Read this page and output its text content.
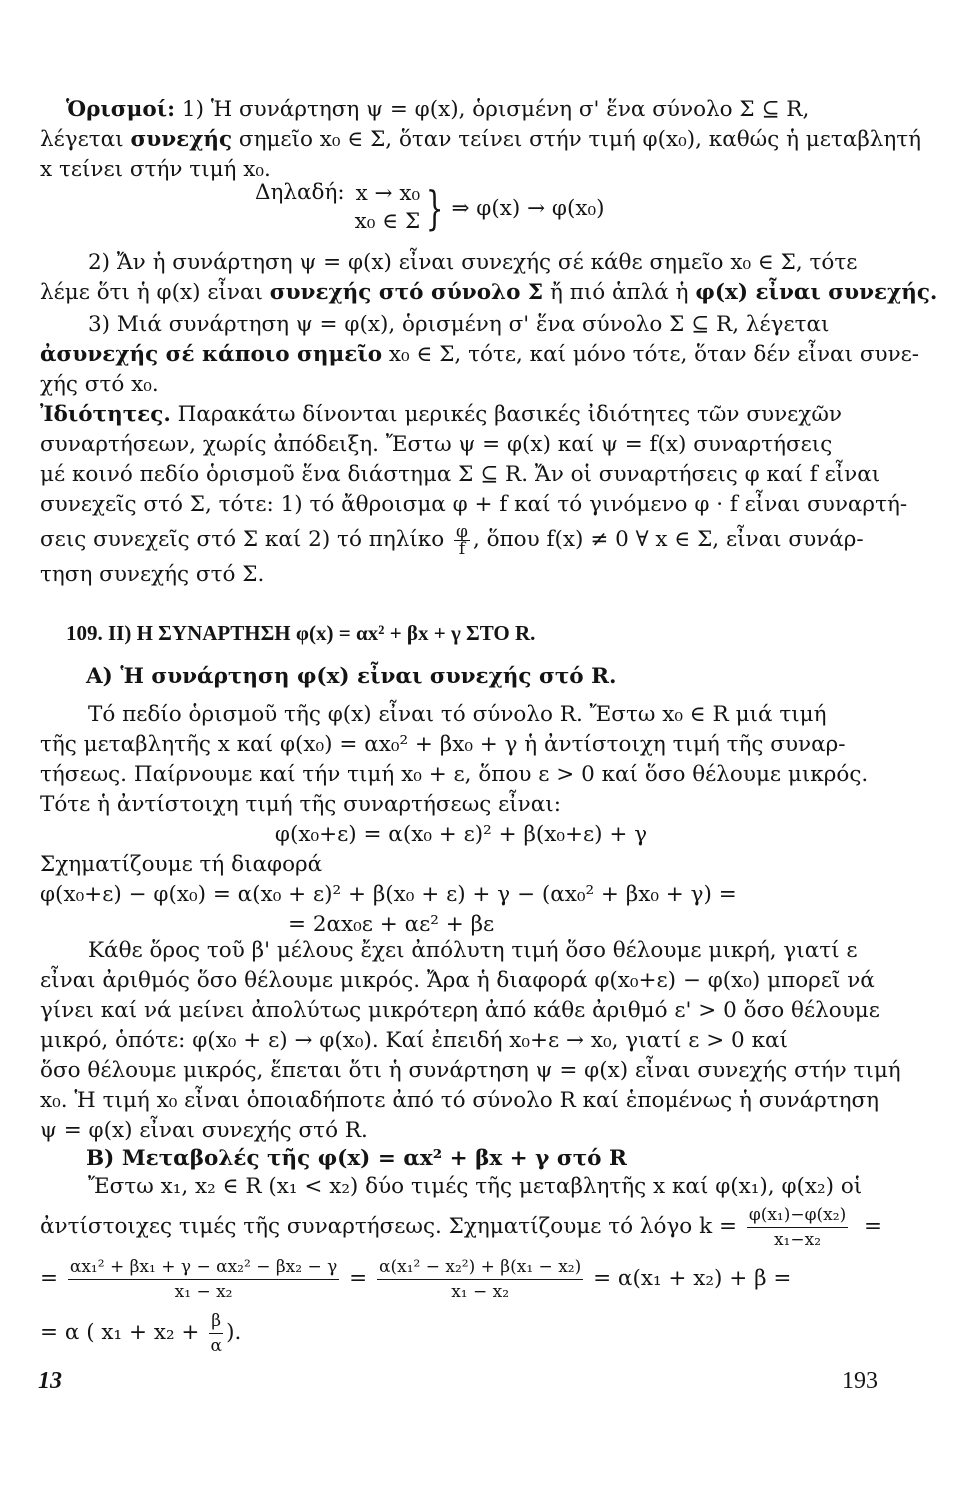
Ὁρισμοί: 1) Ἡ συνάρτηση ψ = φ(x), ὁρισμένη σ' ἕνα σύνολο Σ ⊆ R,
λέγεται συνεχής σημεῖο x₀ ∈ Σ, ὅταν τείνει στήν τιμή φ(x₀), καθώς ἡ μεταβλητή
x τείνει στήν τιμή x₀.
Δηλαδή: x → x₀
x₀ ∈ Σ } ⇒ φ(x) → φ(x₀)
2) Ἄν ἡ συνάρτηση ψ = φ(x) εἶναι συνεχής σέ κάθε σημεῖο x₀ ∈ Σ, τότε
λέμε ὅτι ἡ φ(x) εἶναι συνεχής στό σύνολο Σ ἤ πιό ἁπλά ἡ φ(x) εἶναι συνεχής.
3) Μιά συνάρτηση ψ = φ(x), ὁρισμένη σ' ἕνα σύνολο Σ ⊆ R, λέγεται
ἀσυνεχής σέ κάποιο σημεῖο x₀ ∈ Σ, τότε, καί μόνο τότε, ὅταν δέν εἶναι συνε-
χής στό x₀.
Ἰδιότητες. Παρακάτω δίνονται μερικές βασικές ἰδιότητες τῶν συνεχῶν
συναρτήσεων, χωρίς ἀπόδειξη. Ἔστω ψ = φ(x) καί ψ = f(x) συναρτήσεις
μέ κοινό πεδίο ὁρισμοῦ ἕνα διάστημα Σ ⊆ R. Ἄν οἱ συναρτήσεις φ καί f εἶναι
συνεχεῖς στό Σ, τότε: 1) τό ἄθροισμα φ + f καί τό γινόμενο φ · f εἶναι συναρτή-
σεις συνεχεῖς στό Σ καί 2) τό πηλίκο $\frac{\varphi}{f}$ , ὅπου f(x) ≠ 0 ∀ x ∈ Σ, εἶναι συνάρ-
τηση συνεχής στό Σ.
109. II) Η ΣΥΝΑΡΤΗΣΗ φ(x) = αx² + βx + γ ΣΤΟ R.
Α) Ἡ συνάρτηση φ(x) εἶναι συνεχής στό R.
Τό πεδίο ὁρισμοῦ τῆς φ(x) εἶναι τό σύνολο R. Ἔστω x₀ ∈ R μιά τιμή
τῆς μεταβλητῆς x καί φ(x₀) = αx₀² + βx₀ + γ ἡ ἀντίστοιχη τιμή τῆς συναρ-
τήσεως. Παίρνουμε καί τήν τιμή x₀ + ε, ὅπου ε > 0 καί ὅσο θέλουμε μικρός.
Τότε ἡ ἀντίστοιχη τιμή τῆς συναρτήσεως εἶναι:
φ(x₀+ε) = α(x₀ + ε)² + β(x₀+ε) + γ
Σχηματίζουμε τή διαφορά
φ(x₀+ε) − φ(x₀) = α(x₀ + ε)² + β(x₀ + ε) + γ − (αx₀² + βx₀ + γ) =
= 2αx₀ε + αε² + βε
Κάθε ὅρος τοῦ β' μέλους ἔχει ἀπόλυτη τιμή ὅσο θέλουμε μικρή, γιατί ε
εἶναι ἀριθμός ὅσο θέλουμε μικρός. Ἄρα ἡ διαφορά φ(x₀+ε) − φ(x₀) μπορεῖ νά
γίνει καί νά μείνει ἀπολύτως μικρότερη ἀπό κάθε ἀριθμό ε' > 0 ὅσο θέλουμε
μικρό, ὁπότε: φ(x₀ + ε) → φ(x₀). Καί ἐπειδή x₀+ε → x₀, γιατί ε > 0 καί
ὅσο θέλουμε μικρός, ἕπεται ὅτι ἡ συνάρτηση ψ = φ(x) εἶναι συνεχής στήν τιμή
x₀. Ἡ τιμή x₀ εἶναι ὁποιαδήποτε ἀπό τό σύνολο R καί ἑπομένως ἡ συνάρτηση
ψ = φ(x) εἶναι συνεχής στό R.
Β) Μεταβολές τῆς φ(x) = αx² + βx + γ στό R
Ἔστω x₁, x₂ ∈ R (x₁ < x₂) δύο τιμές τῆς μεταβλητῆς x καί φ(x₁), φ(x₂) οἱ
ἀντίστοιχες τιμές τῆς συναρτήσεως. Σχηματίζουμε τό λόγο $k = \frac{\text{φ(x₁)−φ(x₂)}}{\text{x₁−x₂}}$ =
= $\frac{\text{αx₁² + βx₁ + γ − αx₂² − βx₂ − γ}}{\text{x₁ − x₂}} = \frac{\text{α(x₁² − x₂²) + β(x₁ − x₂)}}{\text{x₁ − x₂}} = \alpha(x_1 + x_2) + \beta$ =
= α ( $x_1 + x_2 + \frac{\beta}{\alpha}$ ).
13	193
